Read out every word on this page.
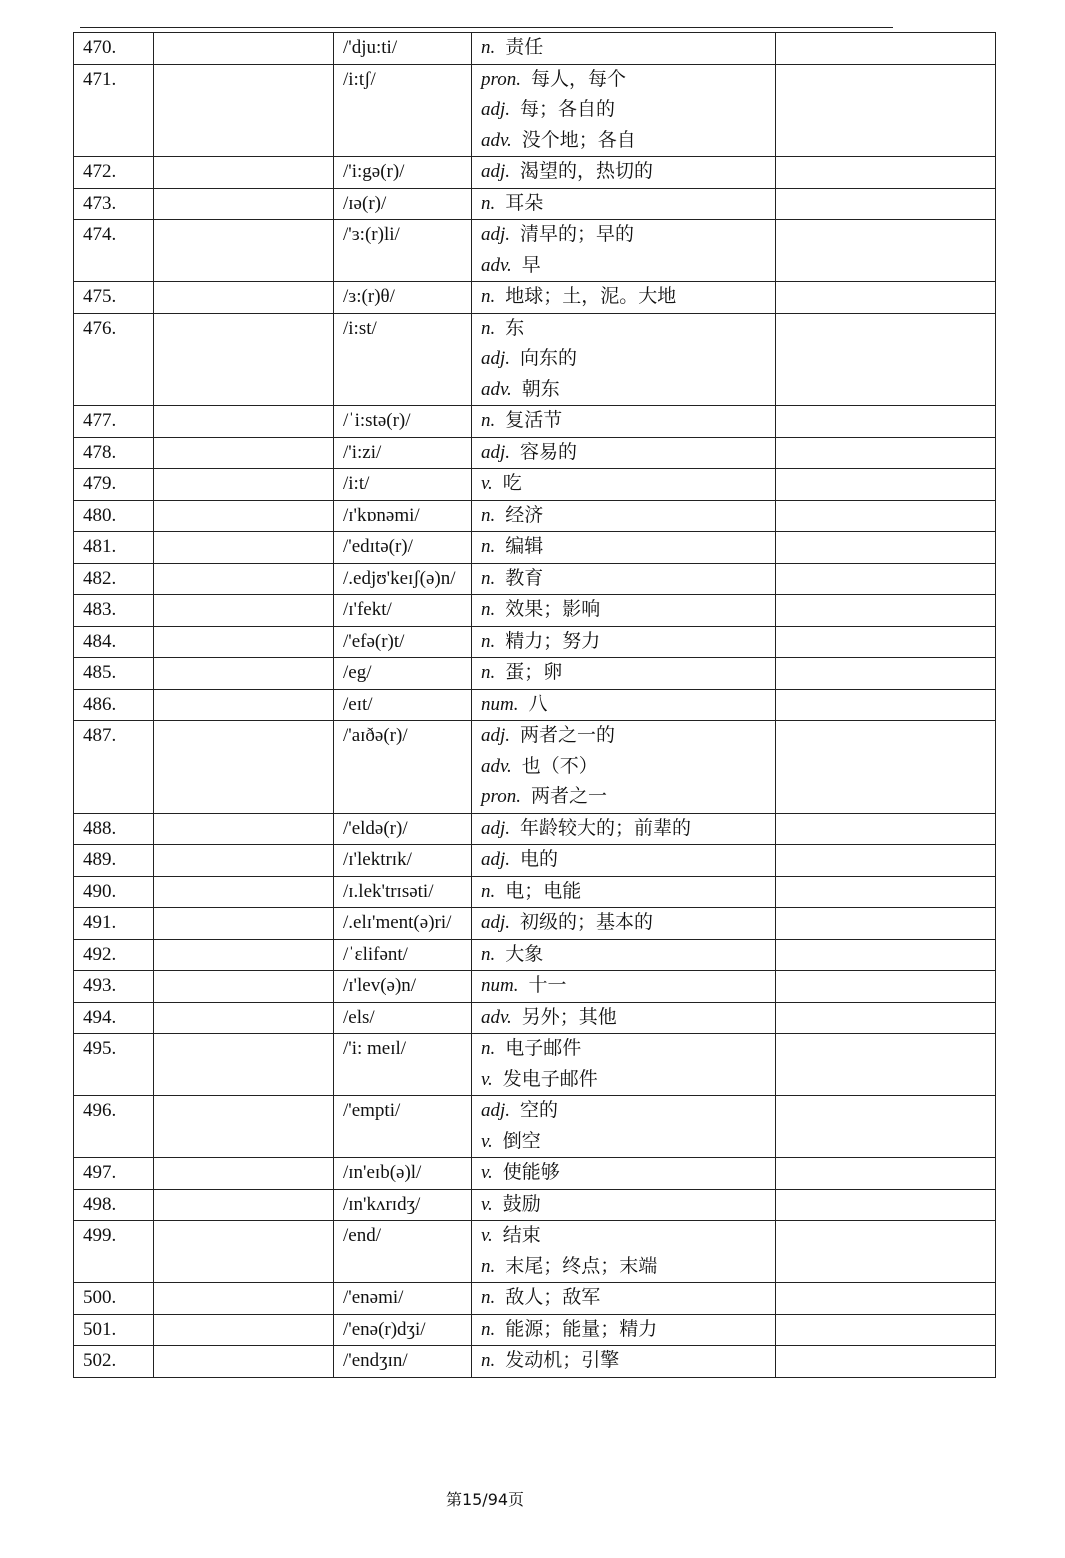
470.		/'dju:ti/	n. 责任	

471.		/i:tʃ/	pron. 每人，每个
adj. 每；各自的
adv. 没个地；各自	

472.		/'i:gə(r)/	adj. 渴望的，热切的	

473.		/ɪə(r)/	n. 耳朵	

474.		/'ɜ:(r)li/	adj. 清早的；早的
adv. 早	

475.		/ɜ:(r)θ/	n. 地球；土，泥。大地	

476.		/i:st/	n. 东
adj. 向东的
adv. 朝东	

477.		/ˈi:stə(r)/	n. 复活节	

478.		/'i:zi/	adj. 容易的	

479.		/i:t/	v. 吃	

480.		/ɪ'kɒnəmi/	n. 经济	

481.		/'edɪtə(r)/	n. 编辑	

482.		/.edjʊ'keɪʃ(ə)n/	n. 教育	

483.		/ɪ'fekt/	n. 效果；影响	

484.		/'efə(r)t/	n. 精力；努力	

485.		/eg/	n. 蛋；卵	

486.		/eɪt/	num. 八	

487.		/'aɪðə(r)/	adj. 两者之一的
adv. 也（不）
pron. 两者之一	

488.		/'eldə(r)/	adj. 年龄较大的；前辈的	

489.		/ɪ'lektrɪk/	adj. 电的	

490.		/ɪ.lek'trɪsəti/	n. 电；电能	

491.		/.elɪ'ment(ə)ri/	adj. 初级的；基本的	

492.		/ˈɛlifənt/	n. 大象	

493.		/ɪ'lev(ə)n/	num. 十一	

494.		/els/	adv. 另外；其他	

495.		/'i: meɪl/	n. 电子邮件
v. 发电子邮件	

496.		/'empti/	adj. 空的
v. 倒空	

497.		/ɪn'eɪb(ə)l/	v. 使能够	

498.		/ɪn'kʌrɪdʒ/	v. 鼓励	

499.		/end/	v. 结束
n. 末尾；终点；末端	

500.		/'enəmi/	n. 敌人；敌军	

501.		/'enə(r)dʒi/	n. 能源；能量；精力	

502.		/'endʒɪn/	n. 发动机；引擎	

第15/94页
